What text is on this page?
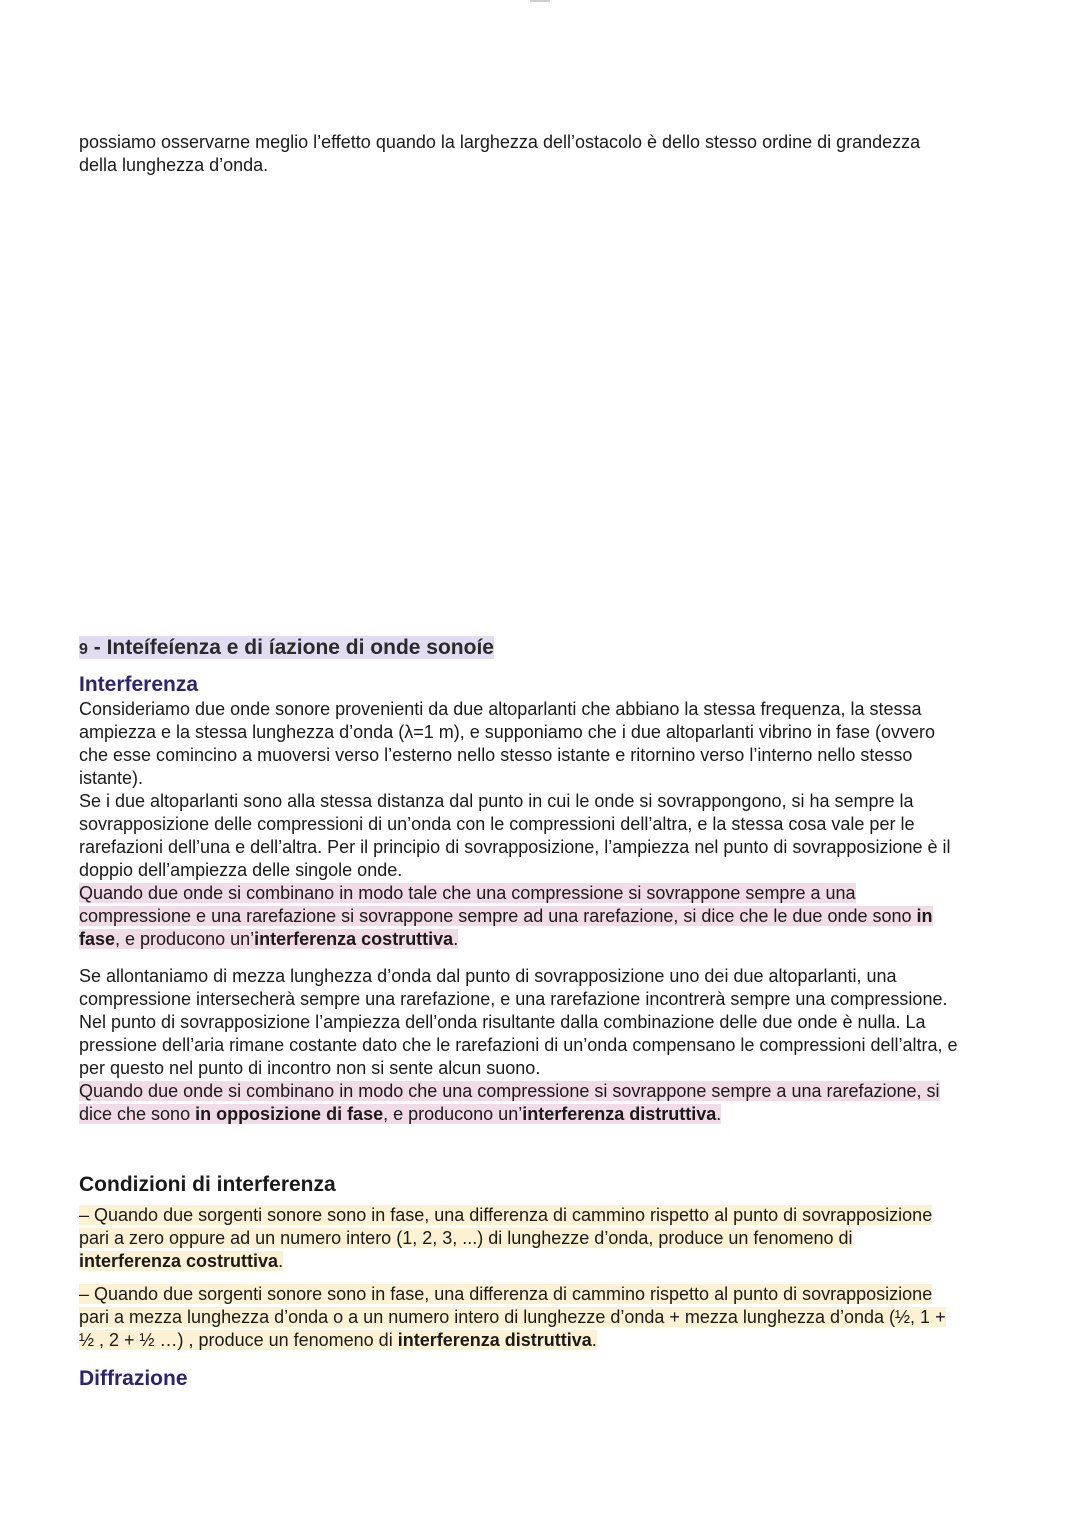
possiamo osservarne meglio l’effetto quando la larghezza dell’ostacolo è dello stesso ordine di grandezza della lunghezza d’onda.

9 - Inteífeíenza e di íazione di onde sonoíe
Interferenza

Consideriamo due onde sonore provenienti da due altoparlanti che abbiano la stessa frequenza, la stessa ampiezza e la stessa lunghezza d’onda (λ=1 m), e supponiamo che i due altoparlanti vibrino in fase (ovvero che esse comincino a muoversi verso l’esterno nello stesso istante e ritornino verso l’interno nello stesso istante).

Se i due altoparlanti sono alla stessa distanza dal punto in cui le onde si sovrappongono, si ha sempre la sovrapposizione delle compressioni di un’onda con le compressioni dell’altra, e la stessa cosa vale per le rarefazioni dell’una e dell’altra. Per il principio di sovrapposizione, l’ampiezza nel punto di sovrapposizione è il doppio dell’ampiezza delle singole onde.

Quando due onde si combinano in modo tale che una compressione si sovrappone sempre a una compressione e una rarefazione si sovrappone sempre ad una rarefazione, si dice che le due onde sono in fase, e producono un’interferenza costruttiva.

Se allontaniamo di mezza lunghezza d’onda dal punto di sovrapposizione uno dei due altoparlanti, una compressione intersecherà sempre una rarefazione, e una rarefazione incontrerà sempre una compressione. Nel punto di sovrapposizione l’ampiezza dell’onda risultante dalla combinazione delle due onde è nulla. La pressione dell’aria rimane costante dato che le rarefazioni di un’onda compensano le compressioni dell’altra, e per questo nel punto di incontro non si sente alcun suono.

Quando due onde si combinano in modo che una compressione si sovrappone sempre a una rarefazione, si dice che sono in opposizione di fase, e producono un’interferenza distruttiva.

Condizioni di interferenza

– Quando due sorgenti sonore sono in fase, una differenza di cammino rispetto al punto di sovrapposizione pari a zero oppure ad un numero intero (1, 2, 3, ...) di lunghezze d’onda, produce un fenomeno di interferenza costruttiva.

– Quando due sorgenti sonore sono in fase, una differenza di cammino rispetto al punto di sovrapposizione pari a mezza lunghezza d’onda o a un numero intero di lunghezze d’onda + mezza lunghezza d’onda (½, 1 + ½ , 2 + ½ …) , produce un fenomeno di interferenza distruttiva.

Diffrazione
